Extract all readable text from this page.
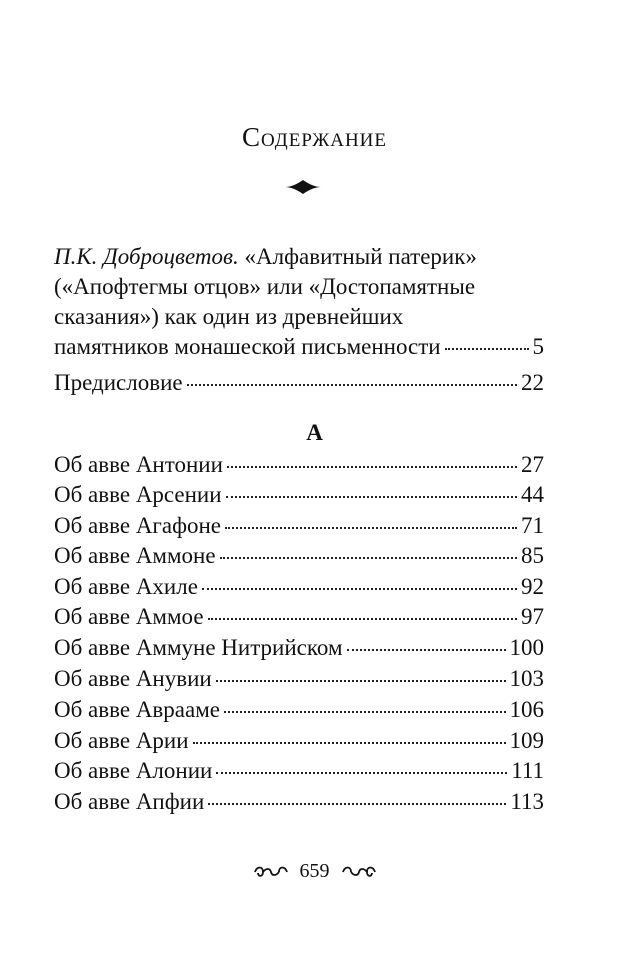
Содержание
П.К. Доброцветов. «Алфавитный патерик»
(«Апофтегмы отцов» или «Достопамятные
сказания») как один из древнейших
памятников монашеской письменности	5
Предисловие	22
А
Об авве Антонии	27
Об авве Арсении	44
Об авве Агафоне	71
Об авве Аммоне	85
Об авве Ахиле	92
Об авве Аммое	97
Об авве Аммуне Нитрийском	100
Об авве Анувии	103
Об авве Аврааме	106
Об авве Арии	109
Об авве Алонии	111
Об авве Апфии	113
659
